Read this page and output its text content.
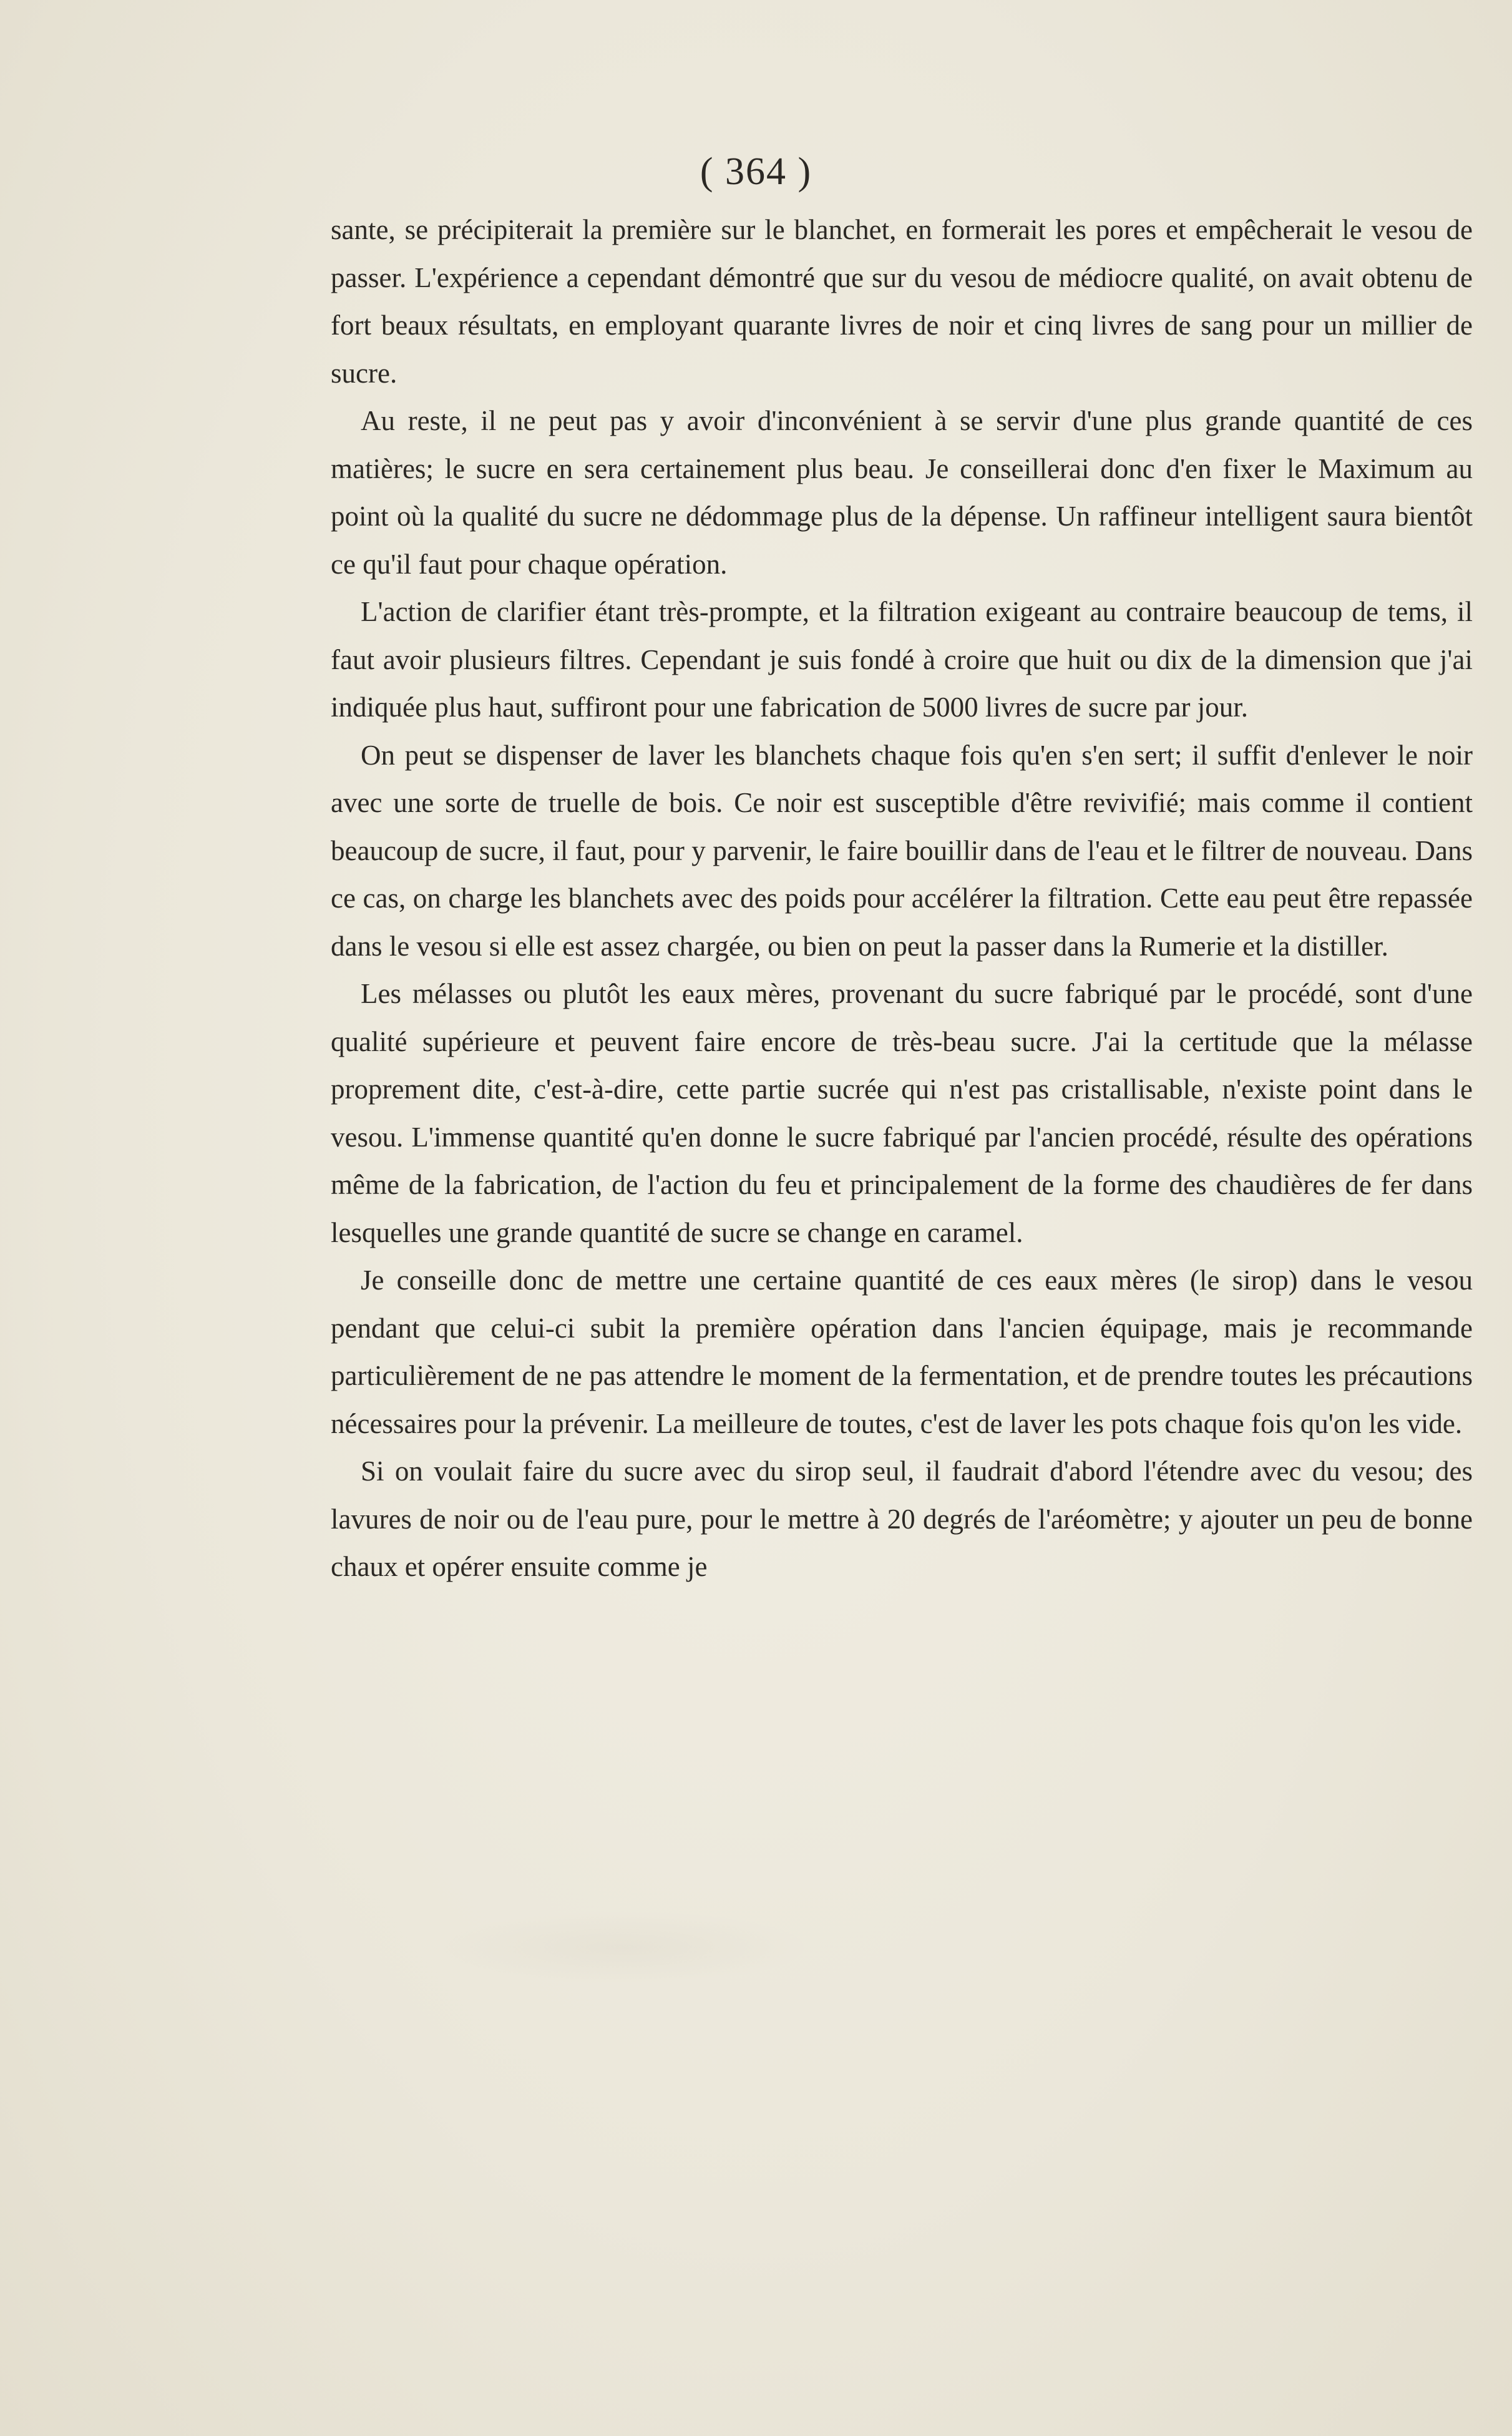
( 364 )

sante, se précipiterait la première sur le blanchet, en formerait les pores et empêcherait le vesou de passer. L'expérience a cependant démontré que sur du vesou de médiocre qualité, on avait obtenu de fort beaux résultats, en employant quarante livres de noir et cinq livres de sang pour un millier de sucre.

Au reste, il ne peut pas y avoir d'inconvénient à se servir d'une plus grande quantité de ces matières; le sucre en sera certainement plus beau. Je conseillerai donc d'en fixer le Maximum au point où la qualité du sucre ne dédommage plus de la dépense. Un raffineur intelligent saura bientôt ce qu'il faut pour chaque opération.

L'action de clarifier étant très-prompte, et la filtration exigeant au contraire beaucoup de tems, il faut avoir plusieurs filtres. Cependant je suis fondé à croire que huit ou dix de la dimension que j'ai indiquée plus haut, suffiront pour une fabrication de 5000 livres de sucre par jour.

On peut se dispenser de laver les blanchets chaque fois qu'en s'en sert; il suffit d'enlever le noir avec une sorte de truelle de bois. Ce noir est susceptible d'être revivifié; mais comme il contient beaucoup de sucre, il faut, pour y parvenir, le faire bouillir dans de l'eau et le filtrer de nouveau. Dans ce cas, on charge les blanchets avec des poids pour accélérer la filtration. Cette eau peut être repassée dans le vesou si elle est assez chargée, ou bien on peut la passer dans la Rumerie et la distiller.

Les mélasses ou plutôt les eaux mères, provenant du sucre fabriqué par le procédé, sont d'une qualité supérieure et peuvent faire encore de très-beau sucre. J'ai la certitude que la mélasse proprement dite, c'est-à-dire, cette partie sucrée qui n'est pas cristallisable, n'existe point dans le vesou. L'immense quantité qu'en donne le sucre fabriqué par l'ancien procédé, résulte des opérations même de la fabrication, de l'action du feu et principalement de la forme des chaudières de fer dans lesquelles une grande quantité de sucre se change en caramel.

Je conseille donc de mettre une certaine quantité de ces eaux mères (le sirop) dans le vesou pendant que celui-ci subit la première opération dans l'ancien équipage, mais je recommande particulièrement de ne pas attendre le moment de la fermentation, et de prendre toutes les précautions nécessaires pour la prévenir. La meilleure de toutes, c'est de laver les pots chaque fois qu'on les vide.

Si on voulait faire du sucre avec du sirop seul, il faudrait d'abord l'étendre avec du vesou; des lavures de noir ou de l'eau pure, pour le mettre à 20 degrés de l'aréomètre; y ajouter un peu de bonne chaux et opérer ensuite comme je
